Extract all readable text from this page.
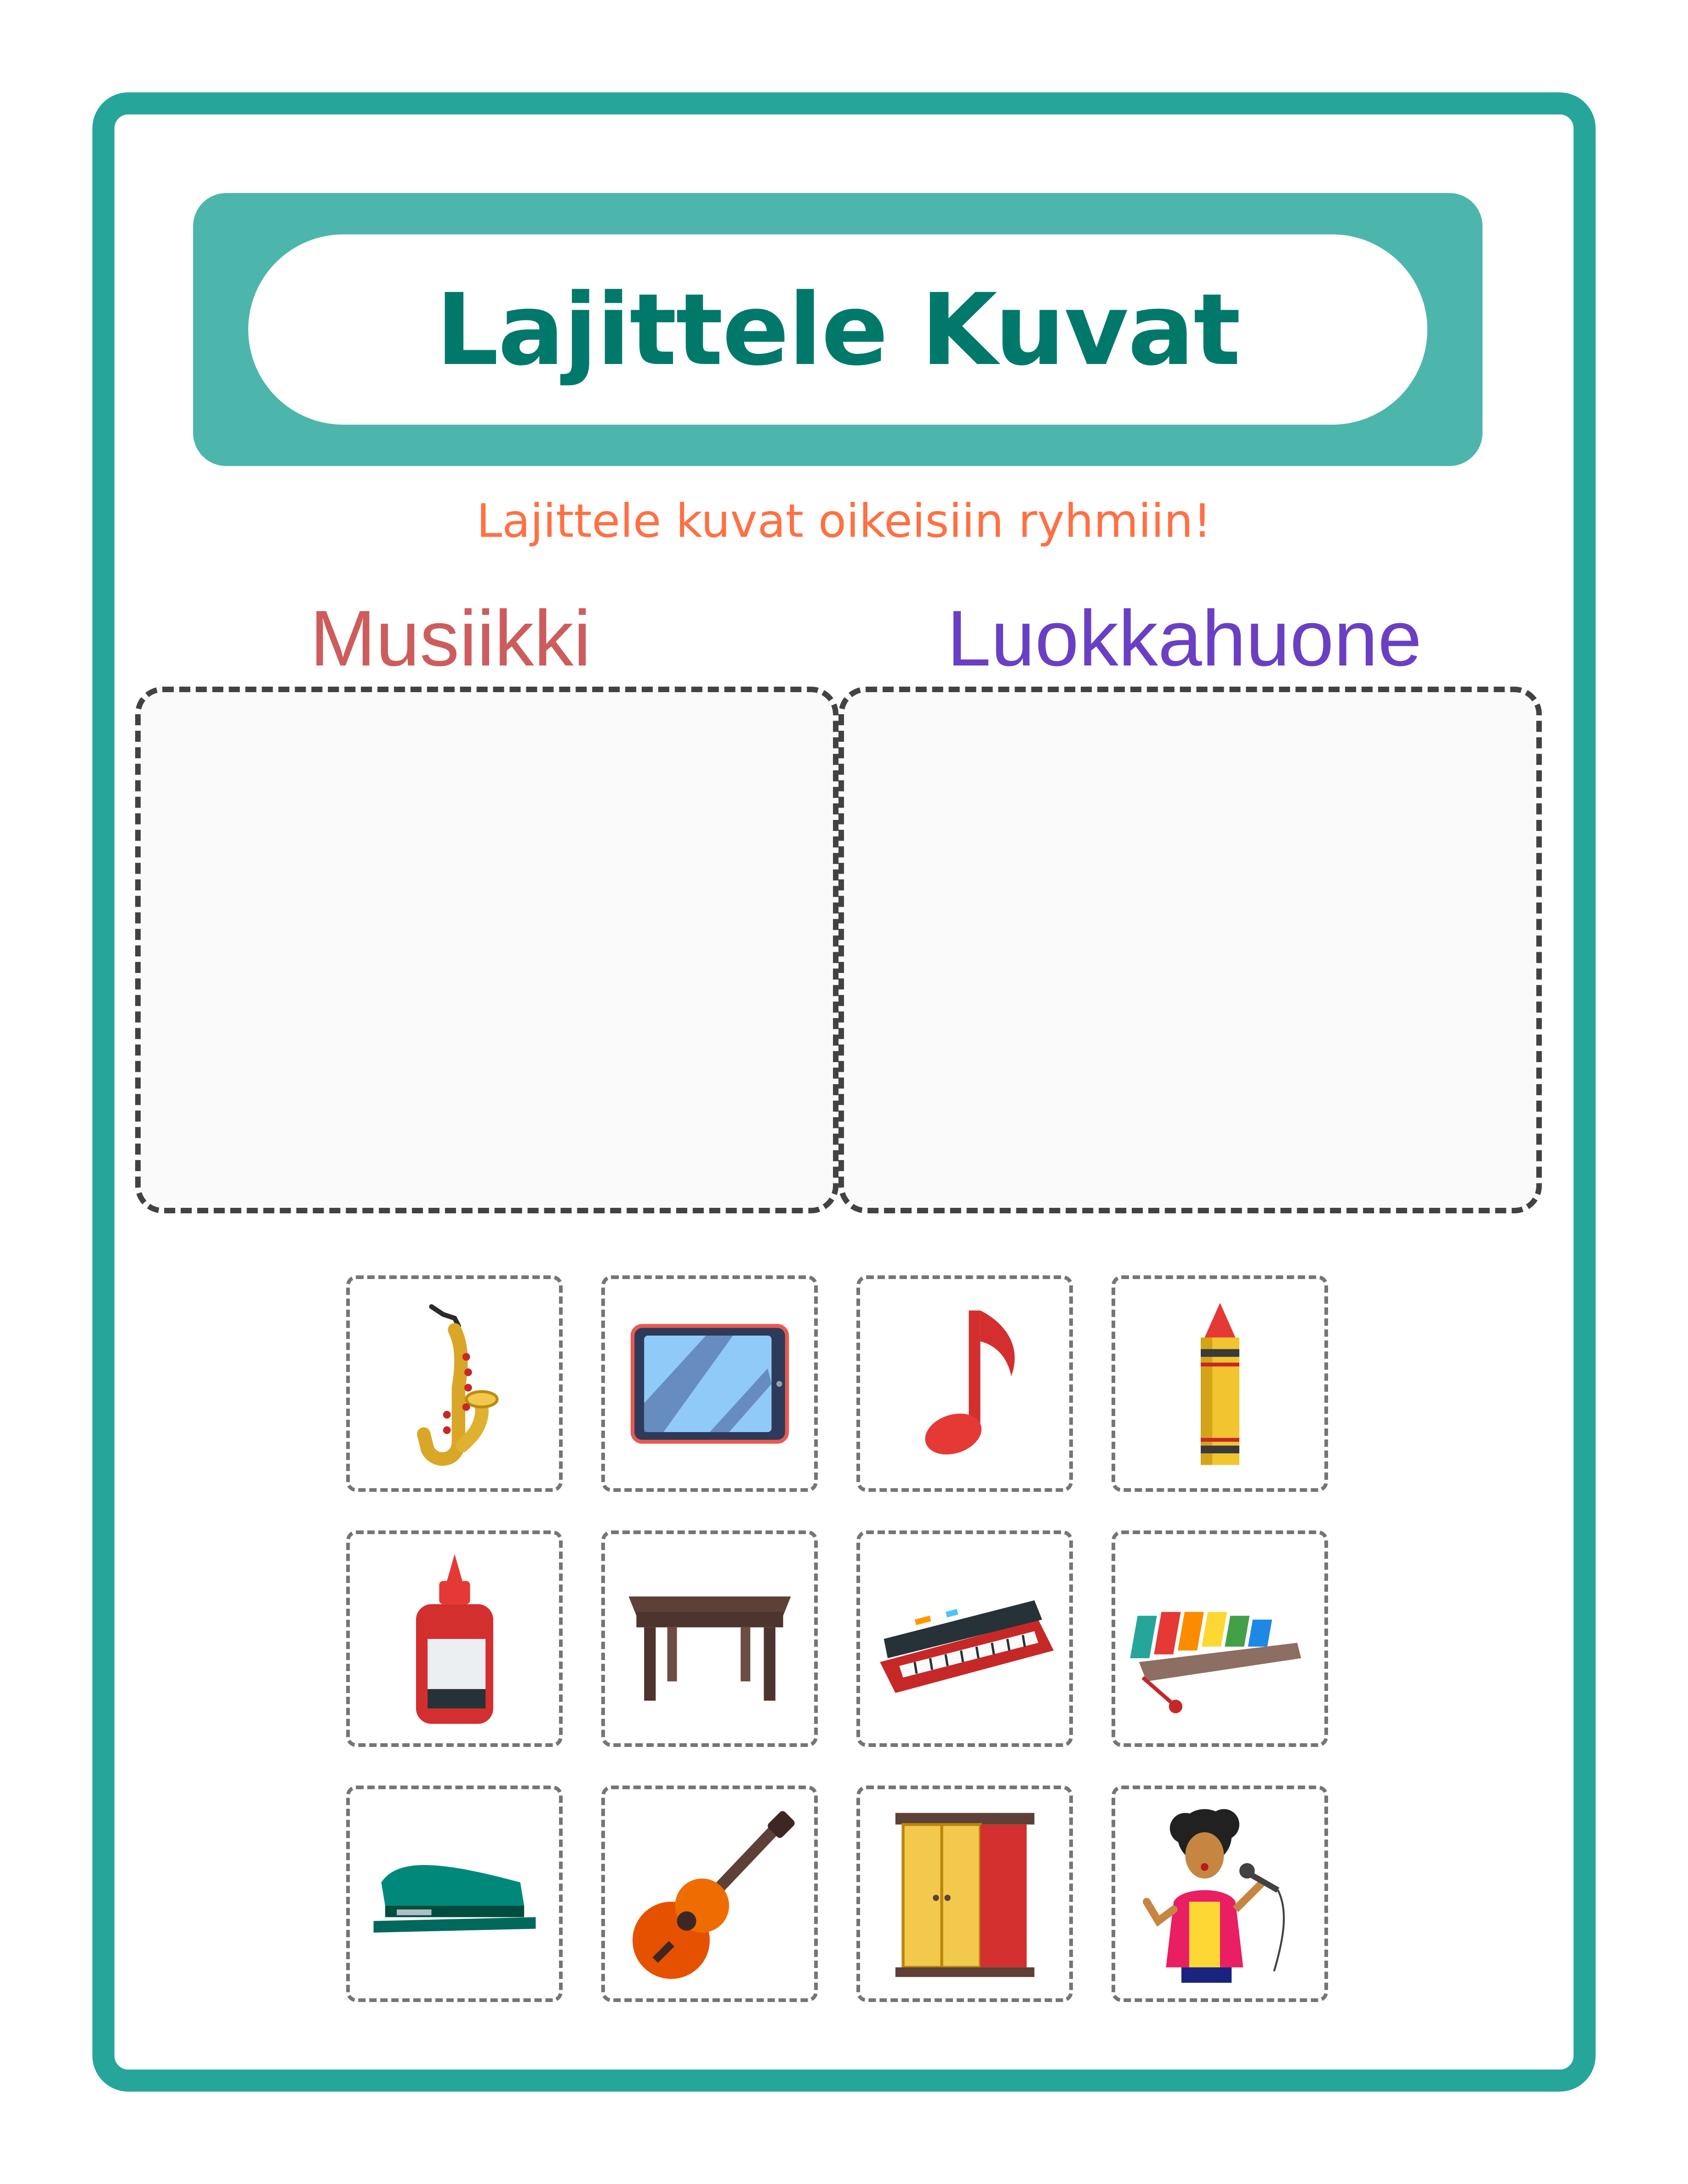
Lajittele Kuvat
Lajittele kuvat oikeisiin ryhmiin!
Musiikki	Luokkahuone
